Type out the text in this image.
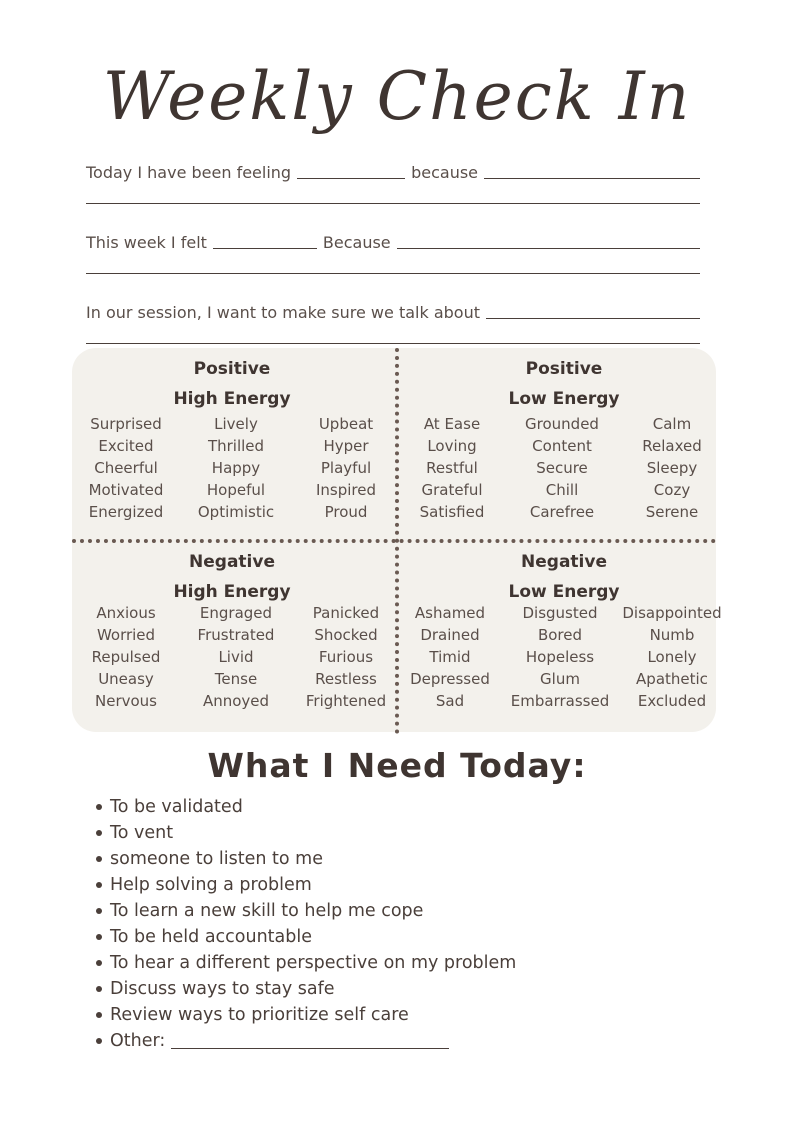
Weekly Check In
Today I have been feeling	because
This week I felt	Because
In our session, I want to make sure we talk about
Positive
High Energy
Surprised	Lively	Upbeat
Excited	Thrilled	Hyper
Cheerful	Happy	Playful
Motivated	Hopeful	Inspired
Energized	Optimistic	Proud
Positive
Low Energy
At Ease	Grounded	Calm
Loving	Content	Relaxed
Restful	Secure	Sleepy
Grateful	Chill	Cozy
Satisfied	Carefree	Serene
Negative
High Energy
Anxious	Engraged	Panicked
Worried	Frustrated	Shocked
Repulsed	Livid	Furious
Uneasy	Tense	Restless
Nervous	Annoyed	Frightened
Negative
Low Energy
Ashamed	Disgusted	Disappointed
Drained	Bored	Numb
Timid	Hopeless	Lonely
Depressed	Glum	Apathetic
Sad	Embarrassed	Excluded
What I Need Today:
To be validated
To vent
someone to listen to me
Help solving a problem
To learn a new skill to help me cope
To be held accountable
To hear a different perspective on my problem
Discuss ways to stay safe
Review ways to prioritize self care
Other:
